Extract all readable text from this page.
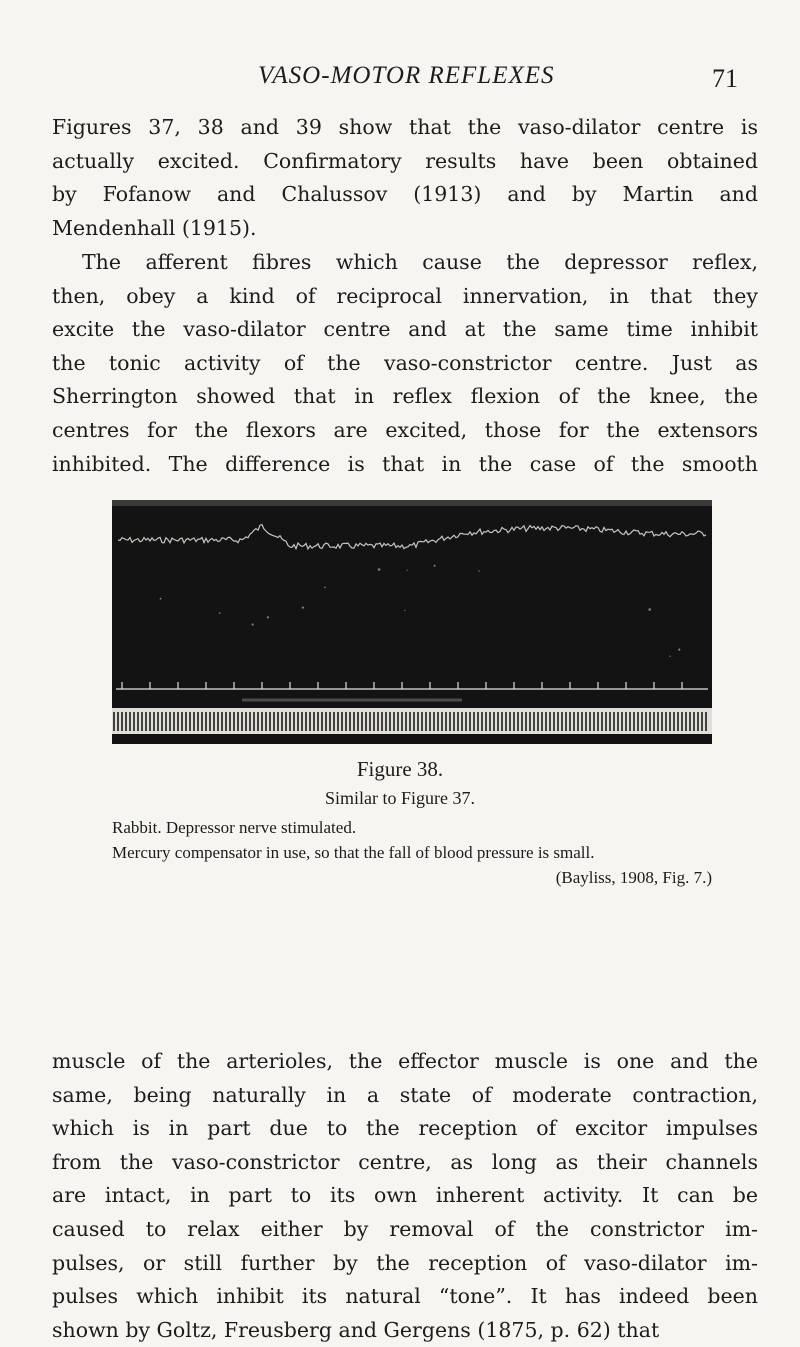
VASO-MOTOR REFLEXES	71

Figures 37, 38 and 39 show that the vaso-dilator centre is
actually excited. Confirmatory results have been obtained
by Fofanow and Chalussov (1913) and by Martin and
Mendenhall (1915).

The afferent fibres which cause the depressor reflex,
then, obey a kind of reciprocal innervation, in that they
excite the vaso-dilator centre and at the same time inhibit
the tonic activity of the vaso-constrictor centre. Just as
Sherrington showed that in reflex flexion of the knee, the
centres for the flexors are excited, those for the extensors
inhibited. The difference is that in the case of the smooth

Figure 38.
Similar to Figure 37.
Rabbit. Depressor nerve stimulated.
Mercury compensator in use, so that the fall of blood pressure is small.
(Bayliss, 1908, Fig. 7.)

muscle of the arterioles, the effector muscle is one and the
same, being naturally in a state of moderate contraction,
which is in part due to the reception of excitor impulses
from the vaso-constrictor centre, as long as their channels
are intact, in part to its own inherent activity. It can be
caused to relax either by removal of the constrictor im-
pulses, or still further by the reception of vaso-dilator im-
pulses which inhibit its natural “tone”. It has indeed been
shown by Goltz, Freusberg and Gergens (1875, p. 62) that
